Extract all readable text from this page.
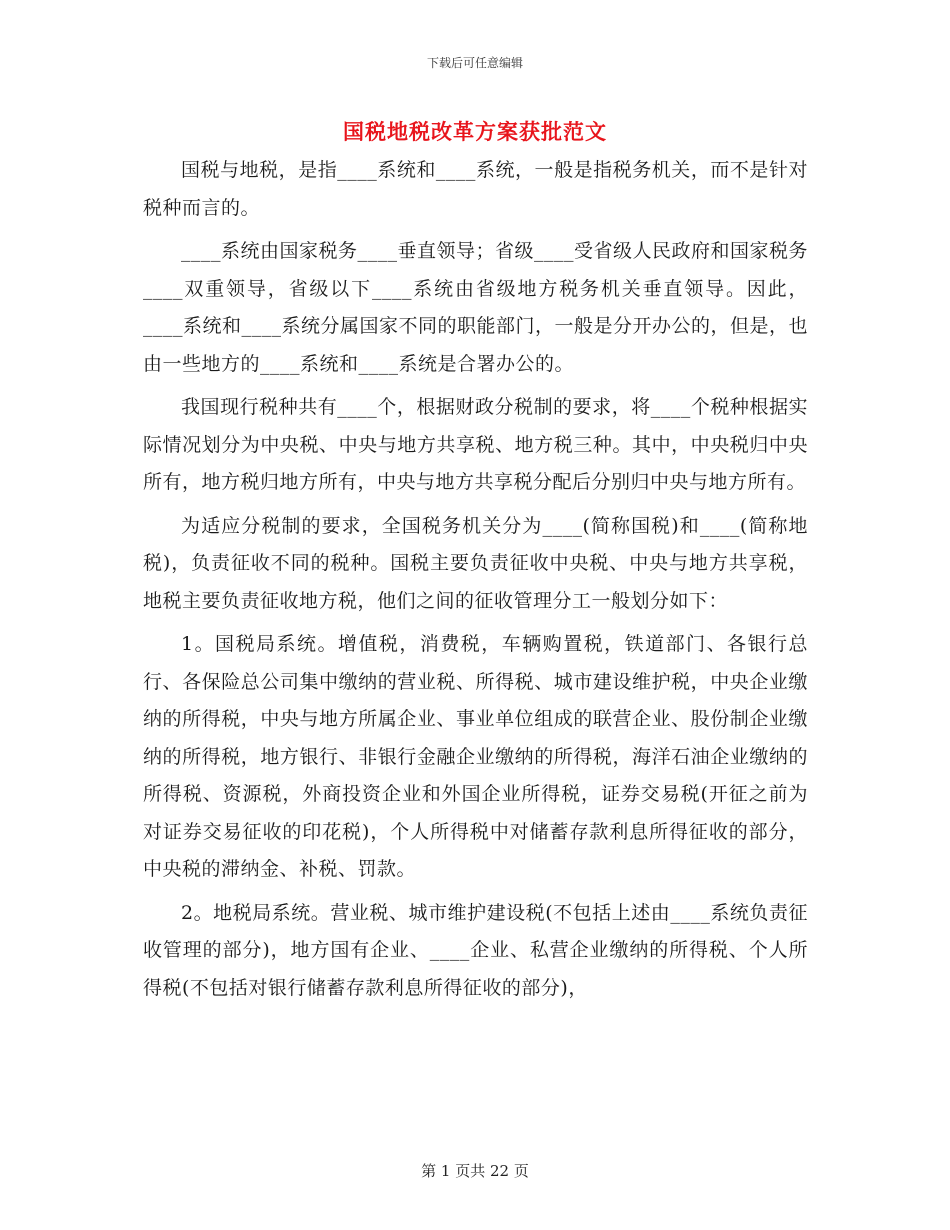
下载后可任意编辑
国税地税改革方案获批范文

国税与地税，是指____系统和____系统，一般是指税务机关，而不是针对税种而言的。

____系统由国家税务____垂直领导；省级____受省级人民政府和国家税务____双重领导，省级以下____系统由省级地方税务机关垂直领导。因此，____系统和____系统分属国家不同的职能部门，一般是分开办公的，但是，也由一些地方的____系统和____系统是合署办公的。

我国现行税种共有____个，根据财政分税制的要求，将____个税种根据实际情况划分为中央税、中央与地方共享税、地方税三种。其中，中央税归中央所有，地方税归地方所有，中央与地方共享税分配后分别归中央与地方所有。

为适应分税制的要求，全国税务机关分为____(简称国税)和____(简称地税)，负责征收不同的税种。国税主要负责征收中央税、中央与地方共享税，地税主要负责征收地方税，他们之间的征收管理分工一般划分如下：

1。国税局系统。增值税，消费税，车辆购置税，铁道部门、各银行总行、各保险总公司集中缴纳的营业税、所得税、城市建设维护税，中央企业缴纳的所得税，中央与地方所属企业、事业单位组成的联营企业、股份制企业缴纳的所得税，地方银行、非银行金融企业缴纳的所得税，海洋石油企业缴纳的所得税、资源税，外商投资企业和外国企业所得税，证券交易税(开征之前为对证券交易征收的印花税)，个人所得税中对储蓄存款利息所得征收的部分，中央税的滞纳金、补税、罚款。

2。地税局系统。营业税、城市维护建设税(不包括上述由____系统负责征收管理的部分)，地方国有企业、____企业、私营企业缴纳的所得税、个人所得税(不包括对银行储蓄存款利息所得征收的部分)，

第 1 页共 22 页
